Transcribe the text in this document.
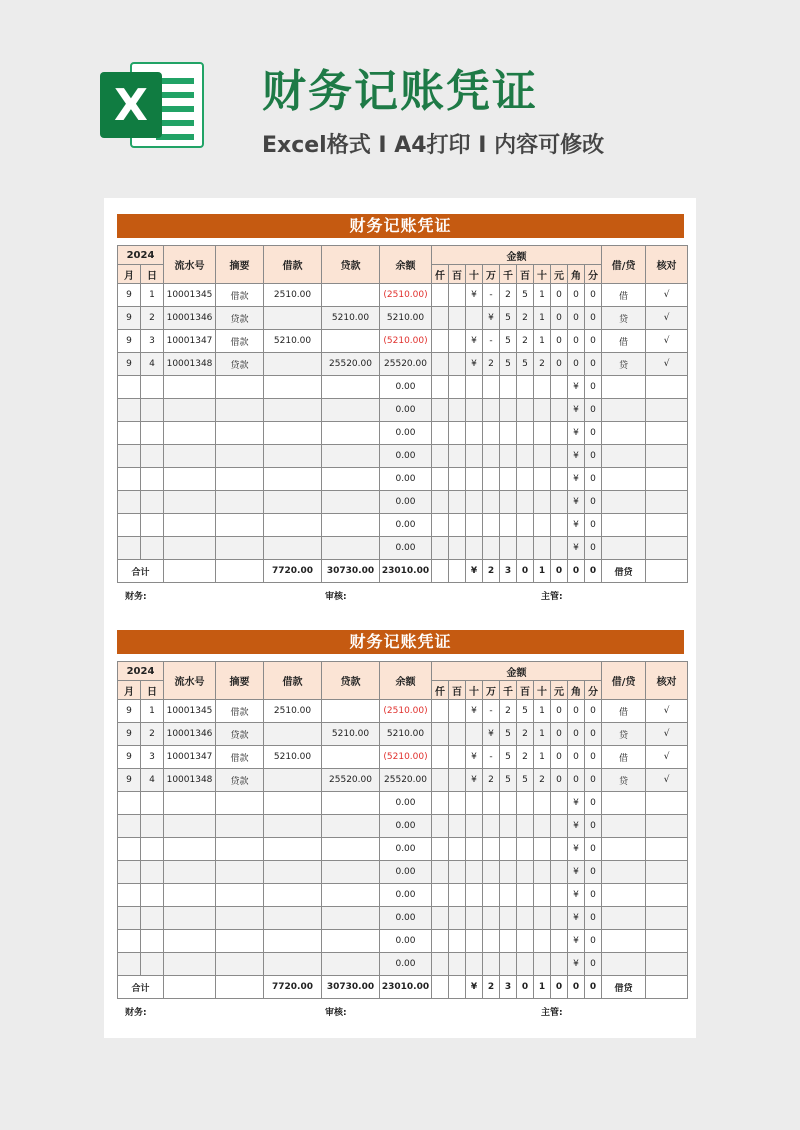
X	财务记账凭证

Excel格式 Ⅰ A4打印 Ⅰ 内容可修改

财务记账凭证
2024		流水号	摘要	借款	贷款	余额	金额										借/贷	核对
月	日						仟	百	十	万	千	百	十	元	角	分		
9	1	10001345	借款	2510.00		(2510.00)			¥	-	2	5	1	0	0	0	借	√
9	2	10001346	贷款		5210.00	5210.00				¥	5	2	1	0	0	0	贷	√
9	3	10001347	借款	5210.00		(5210.00)			¥	-	5	2	1	0	0	0	借	√
9	4	10001348	贷款		25520.00	25520.00			¥	2	5	5	2	0	0	0	贷	√
						0.00									¥	0		
						0.00									¥	0		
						0.00									¥	0		
						0.00									¥	0		
						0.00									¥	0		
						0.00									¥	0		
						0.00									¥	0		
						0.00									¥	0		
合计				7720.00	30730.00	23010.00			¥	2	3	0	1	0	0	0	借贷	
财务:	审核:	主管:
财务记账凭证
2024		流水号	摘要	借款	贷款	余额	金额										借/贷	核对
月	日						仟	百	十	万	千	百	十	元	角	分		
9	1	10001345	借款	2510.00		(2510.00)			¥	-	2	5	1	0	0	0	借	√
9	2	10001346	贷款		5210.00	5210.00				¥	5	2	1	0	0	0	贷	√
9	3	10001347	借款	5210.00		(5210.00)			¥	-	5	2	1	0	0	0	借	√
9	4	10001348	贷款		25520.00	25520.00			¥	2	5	5	2	0	0	0	贷	√
						0.00									¥	0		
						0.00									¥	0		
						0.00									¥	0		
						0.00									¥	0		
						0.00									¥	0		
						0.00									¥	0		
						0.00									¥	0		
						0.00									¥	0		
合计				7720.00	30730.00	23010.00			¥	2	3	0	1	0	0	0	借贷	
财务:	审核:	主管:
